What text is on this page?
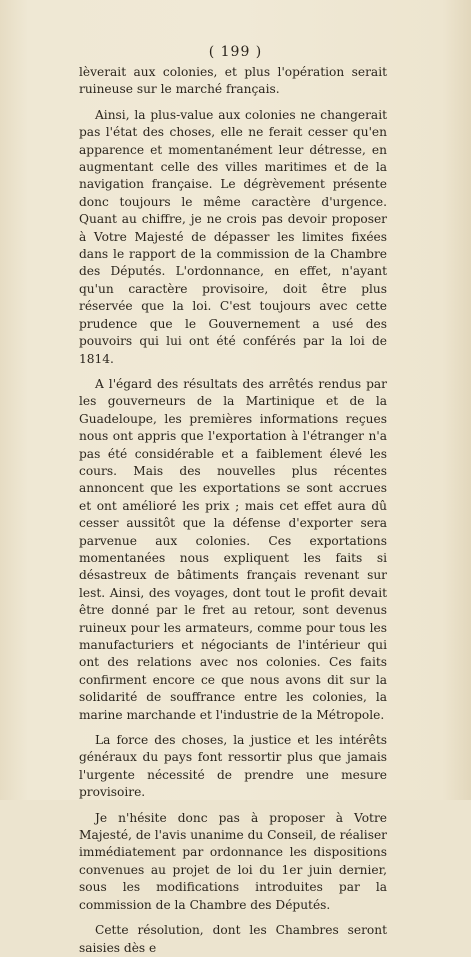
( 199 )

lèverait aux colonies, et plus l'opération serait ruineuse sur le marché français.

Ainsi, la plus-value aux colonies ne changerait pas l'état des choses, elle ne ferait cesser qu'en apparence et momentanément leur détresse, en augmentant celle des villes maritimes et de la navigation française. Le dégrèvement présente donc toujours le même caractère d'urgence. Quant au chiffre, je ne crois pas devoir proposer à Votre Majesté de dépasser les limites fixées dans le rapport de la commission de la Chambre des Députés. L'ordonnance, en effet, n'ayant qu'un caractère provisoire, doit être plus réservée que la loi. C'est toujours avec cette prudence que le Gouvernement a usé des pouvoirs qui lui ont été conférés par la loi de 1814.

A l'égard des résultats des arrêtés rendus par les gouverneurs de la Martinique et de la Guadeloupe, les premières informations reçues nous ont appris que l'exportation à l'étranger n'a pas été considérable et a faiblement élevé les cours. Mais des nouvelles plus récentes annoncent que les exportations se sont accrues et ont amélioré les prix ; mais cet effet aura dû cesser aussitôt que la défense d'exporter sera parvenue aux colonies. Ces exportations momentanées nous expliquent les faits si désastreux de bâtiments français revenant sur lest. Ainsi, des voyages, dont tout le profit devait être donné par le fret au retour, sont devenus ruineux pour les armateurs, comme pour tous les manufacturiers et négociants de l'intérieur qui ont des relations avec nos colonies. Ces faits confirment encore ce que nous avons dit sur la solidarité de souffrance entre les colonies, la marine marchande et l'industrie de la Métropole.

La force des choses, la justice et les intérêts généraux du pays font ressortir plus que jamais l'urgente nécessité de prendre une mesure provisoire.

Je n'hésite donc pas à proposer à Votre Majesté, de l'avis unanime du Conseil, de réaliser immédiatement par ordonnance les dispositions convenues au projet de loi du 1er juin dernier, sous les modifications introduites par la commission de la Chambre des Députés.

Cette résolution, dont les Chambres seront saisies dès e
